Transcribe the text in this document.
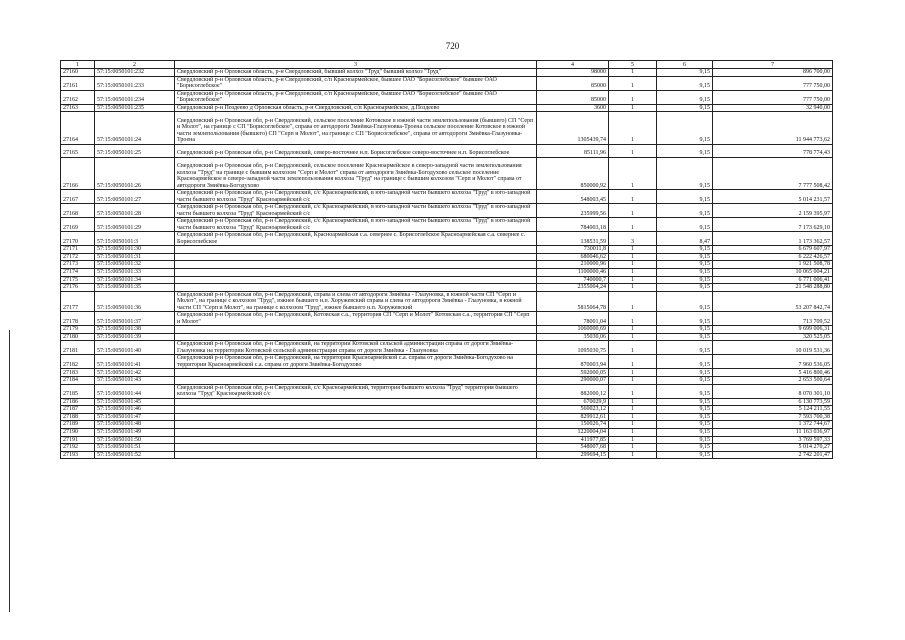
720
1	2	3	4	5	6	7
27160	57:15:0050101:232	Свердловский р-н Орловская область, р-н Свердловский, бывший колхоз "Труд" бывший колхоз "Труд"	98000	1	9,15	896 700,00
27161	57:15:0050101:233	Свердловский р-н Орловская область, р-н Свердловский, с/п Красноармейское, бывшее ОАО "Борисоглебское" бывшее ОАО "Борисоглебское"	85000	1	9,15	777 750,00
27162	57:15:0050101:234	Свердловский р-н Орловская область, р-н Свердловский, с/п Красноармейское, бывшее ОАО "Борисоглебское" бывшее ОАО "Борисоглебское"	85000	1	9,15	777 750,00
27163	57:15:0050101:235	Свердловский р-н Поздеево д Орловская область, р-н Свердловский, с/п Красноармейское, д.Поздеево	3600	1	9,15	32 940,00
27164	57:15:0050101:24	Свердловский р-н Орловская обл, р-н Свердловский, сельское поселение Котовское в южной части землепользования (бывшего) СП "Серп и Молот", на границе с СП "Борисоглебское", справа от автодороги Змиёвка-Глазуновка-Троена сельское поселение Котовское в южной части землепользования (бывшего) СП "Серп и Молот", на границе с СП "Борисоглебское", справа от автодороги Змиёвка-Глазуновка-Троена	1305439,74	1	9,15	11 944 773,62
27165	57:15:0050101:25	Свердловский р-н Орловская обл, р-н Свердловский, северо-восточнее н.п. Борисоглебское северо-восточнее н.п. Борисоглебское	85111,96	1	9,15	778 774,43
27166	57:15:0050101:26	Свердловский р-н Орловская обл, р-н Свердловский, сельское поселение Красноармейское в северо-западной части землепользования колхоза "Труд" на границе с бывшим колхозом "Серп и Молот" справа от автодороги Змиёвка-Богодухово сельское поселение Красноармейское в северо-западной части землепользования колхоза "Труд" на границе с бывшим колхозом "Серп и Молот" справа от автодороги Змиёвка-Богодухово	850000,92	1	9,15	7 777 508,42
27167	57:15:0050101:27	Свердловский р-н Орловская обл, р-н Свердловский, с/с Красноармейский, в юго-западной части бывшего колхоза "Труд" в юго-западной части бывшего колхоза "Труд" Красноармейский с/с	548003,45	1	9,15	5 014 231,57
27168	57:15:0050101:28	Свердловский р-н Орловская обл, р-н Свердловский, с/с Красноармейский, в юго-западной части бывшего колхоза "Труд" в юго-западной части бывшего колхоза "Труд" Красноармейский с/с	235999,56	1	9,15	2 159 395,97
27169	57:15:0050101:29	Свердловский р-н Орловская обл, р-н Свердловский, с/с Красноармейский, в юго-западной части бывшего колхоза "Труд" в юго-западной части бывшего колхоза "Труд" Красноармейский с/с	784003,18	1	9,15	7 173 629,10
27170	57:15:0050101:3	Свердловский р-н Орловская обл, р-н Свердловский, Красноармейская с.а. севернее с. Борисоглебское Красноармейская с.а. севернее с. Борисоглебское	138531,59	3	8,47	1 173 362,57
27171	57:15:0050101:30		730011,8	1	9,15	6 679 607,97
27172	57:15:0050101:31		680046,62	1	9,15	6 222 426,57
27173	57:15:0050101:32		210000,96	1	9,15	1 921 508,78
27174	57:15:0050101:33		1100000,46	1	9,15	10 065 004,21
27175	57:15:0050101:34		740000,7	1	9,15	6 771 006,41
27176	57:15:0050101:35		2355004,24	1	9,15	21 548 288,80
27177	57:15:0050101:36	Свердловский р-н Орловская обл, р-н Свердловский, справа и слева от автодороги Змиёвка - Глазуновка, в южной части СП "Серп и Молот", на границе с колхозом "Труд", южнее бывшего н.п. Хоружевский справа и слева от автодороги Змиёвка - Глазуновка, в южной части СП "Серп и Молот", на границе с колхозом "Труд", южнее бывшего н.п. Хоружевский	5815064,78	1	9,15	53 207 842,74
27178	57:15:0050101:37	Свердловский р-н Орловская обл, р-н Свердловский, Котовская с.а., территория СП "Серп и Молот" Котовская с.а., территория СП "Серп и Молот"	78001,04	1	9,15	713 709,52
27179	57:15:0050101:38		1060000,69	1	9,15	9 699 006,31
27180	57:15:0050101:39		35030,06	1	9,15	320 525,05
27181	57:15:0050101:40	Свердловский р-н Орловская обл, р-н Свердловский, на территории Котовской сельской администрации справа от дороги Змиёвка-Глазуновка на территории Котовской сельской администрации справа от дороги Змиёвка - Глазуновка	1095030,75	1	9,15	10 019 531,36
27182	57:15:0050101:41	Свердловский р-н Орловская обл, р-н Свердловский, на территории Красноармейской с.а. справа от дороги Змиёвка-Богодухово на территории Красноармейской с.а. справа от дороги Змиёвка-Богодухово	870003,94	1	9,15	7 960 536,05
27183	57:15:0050101:42		592000,05	1	9,15	5 416 800,46
27184	57:15:0050101:43		290000,07	1	9,15	2 653 500,64
27185	57:15:0050101:44	Свердловский р-н Орловская обл, р-н Свердловский, с/с Красноармейский, территория бывшего колхоза "Труд" территория бывшего колхоза "Труд" Красноармейский с/с	882000,12	1	9,15	8 070 301,10
27186	57:15:0050101:45		670029,9	1	9,15	6 130 773,59
27187	57:15:0050101:46		560023,12	1	9,15	5 124 211,55
27188	57:15:0050101:47		829912,61	1	9,15	7 593 700,38
27189	57:15:0050101:48		150026,74	1	9,15	1 372 744,67
27190	57:15:0050101:49		1220004,04	1	9,15	11 163 036,97
27191	57:15:0050101:50		411977,85	1	9,15	3 769 597,33
27192	57:15:0050101:51		548007,68	1	9,15	5 014 270,27
27193	57:15:0050101:52		299694,15	1	9,15	2 742 201,47
